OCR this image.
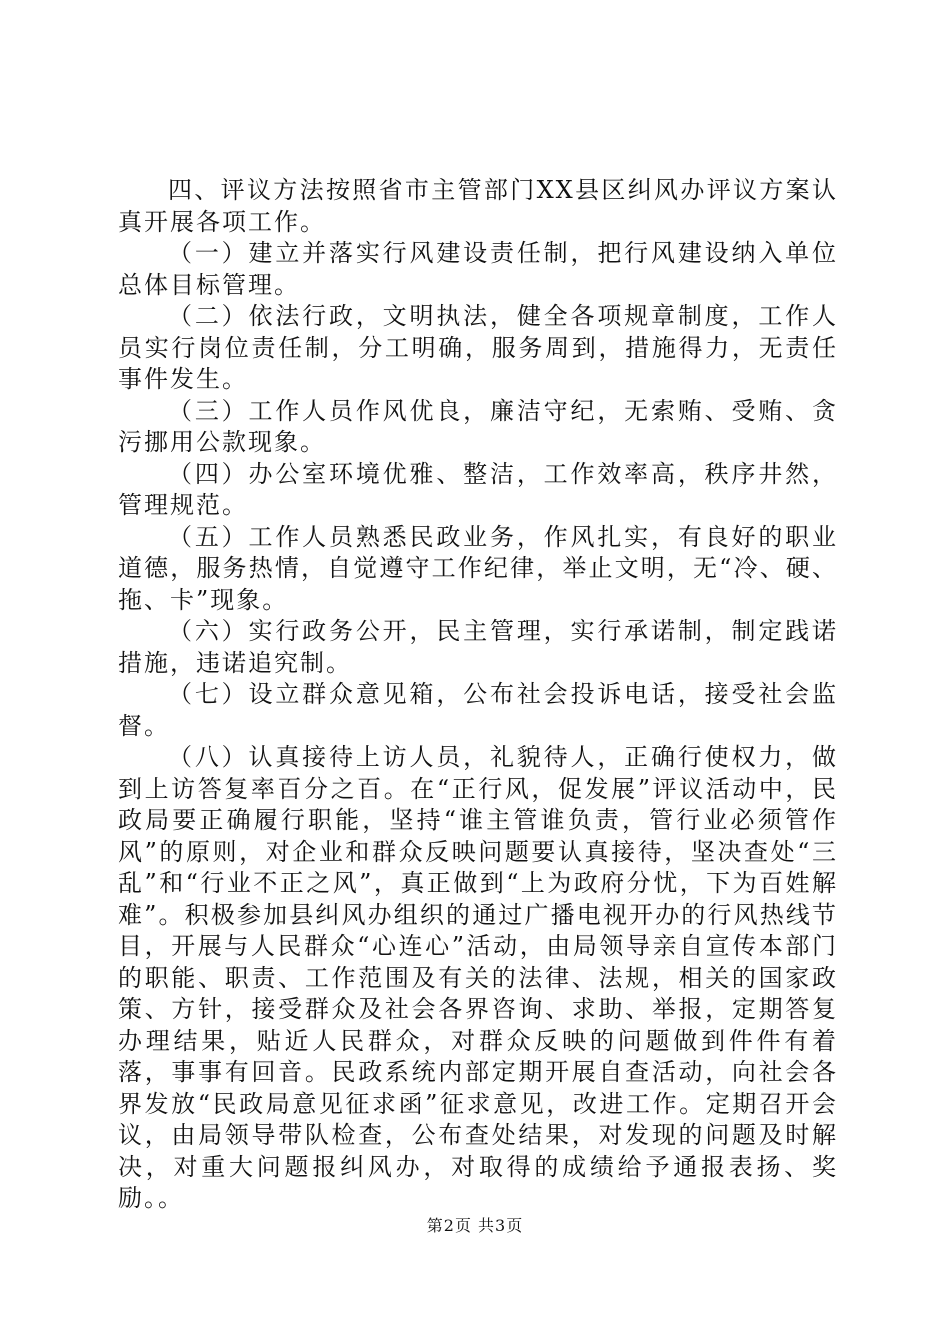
四、评议方法按照省市主管部门XX县区纠风办评议方案认真开展各项工作。

（一）建立并落实行风建设责任制，把行风建设纳入单位总体目标管理。

（二）依法行政，文明执法，健全各项规章制度，工作人员实行岗位责任制，分工明确，服务周到，措施得力，无责任事件发生。

（三）工作人员作风优良，廉洁守纪，无索贿、受贿、贪污挪用公款现象。

（四）办公室环境优雅、整洁，工作效率高，秩序井然，管理规范。

（五）工作人员熟悉民政业务，作风扎实，有良好的职业道德，服务热情，自觉遵守工作纪律，举止文明，无“冷、硬、拖、卡”现象。

（六）实行政务公开，民主管理，实行承诺制，制定践诺措施，违诺追究制。

（七）设立群众意见箱，公布社会投诉电话，接受社会监督。

（八）认真接待上访人员，礼貌待人，正确行使权力，做到上访答复率百分之百。在“正行风，促发展”评议活动中，民政局要正确履行职能，坚持“谁主管谁负责，管行业必须管作风”的原则，对企业和群众反映问题要认真接待，坚决查处“三乱”和“行业不正之风”，真正做到“上为政府分忧，下为百姓解难”。积极参加县纠风办组织的通过广播电视开办的行风热线节目，开展与人民群众“心连心”活动，由局领导亲自宣传本部门的职能、职责、工作范围及有关的法律、法规，相关的国家政策、方针，接受群众及社会各界咨询、求助、举报，定期答复办理结果，贴近人民群众，对群众反映的问题做到件件有着落，事事有回音。民政系统内部定期开展自查活动，向社会各界发放“民政局意见征求函”征求意见，改进工作。定期召开会议，由局领导带队检查，公布查处结果，对发现的问题及时解决，对重大问题报纠风办，对取得的成绩给予通报表扬、奖励。。

第2页 共3页
